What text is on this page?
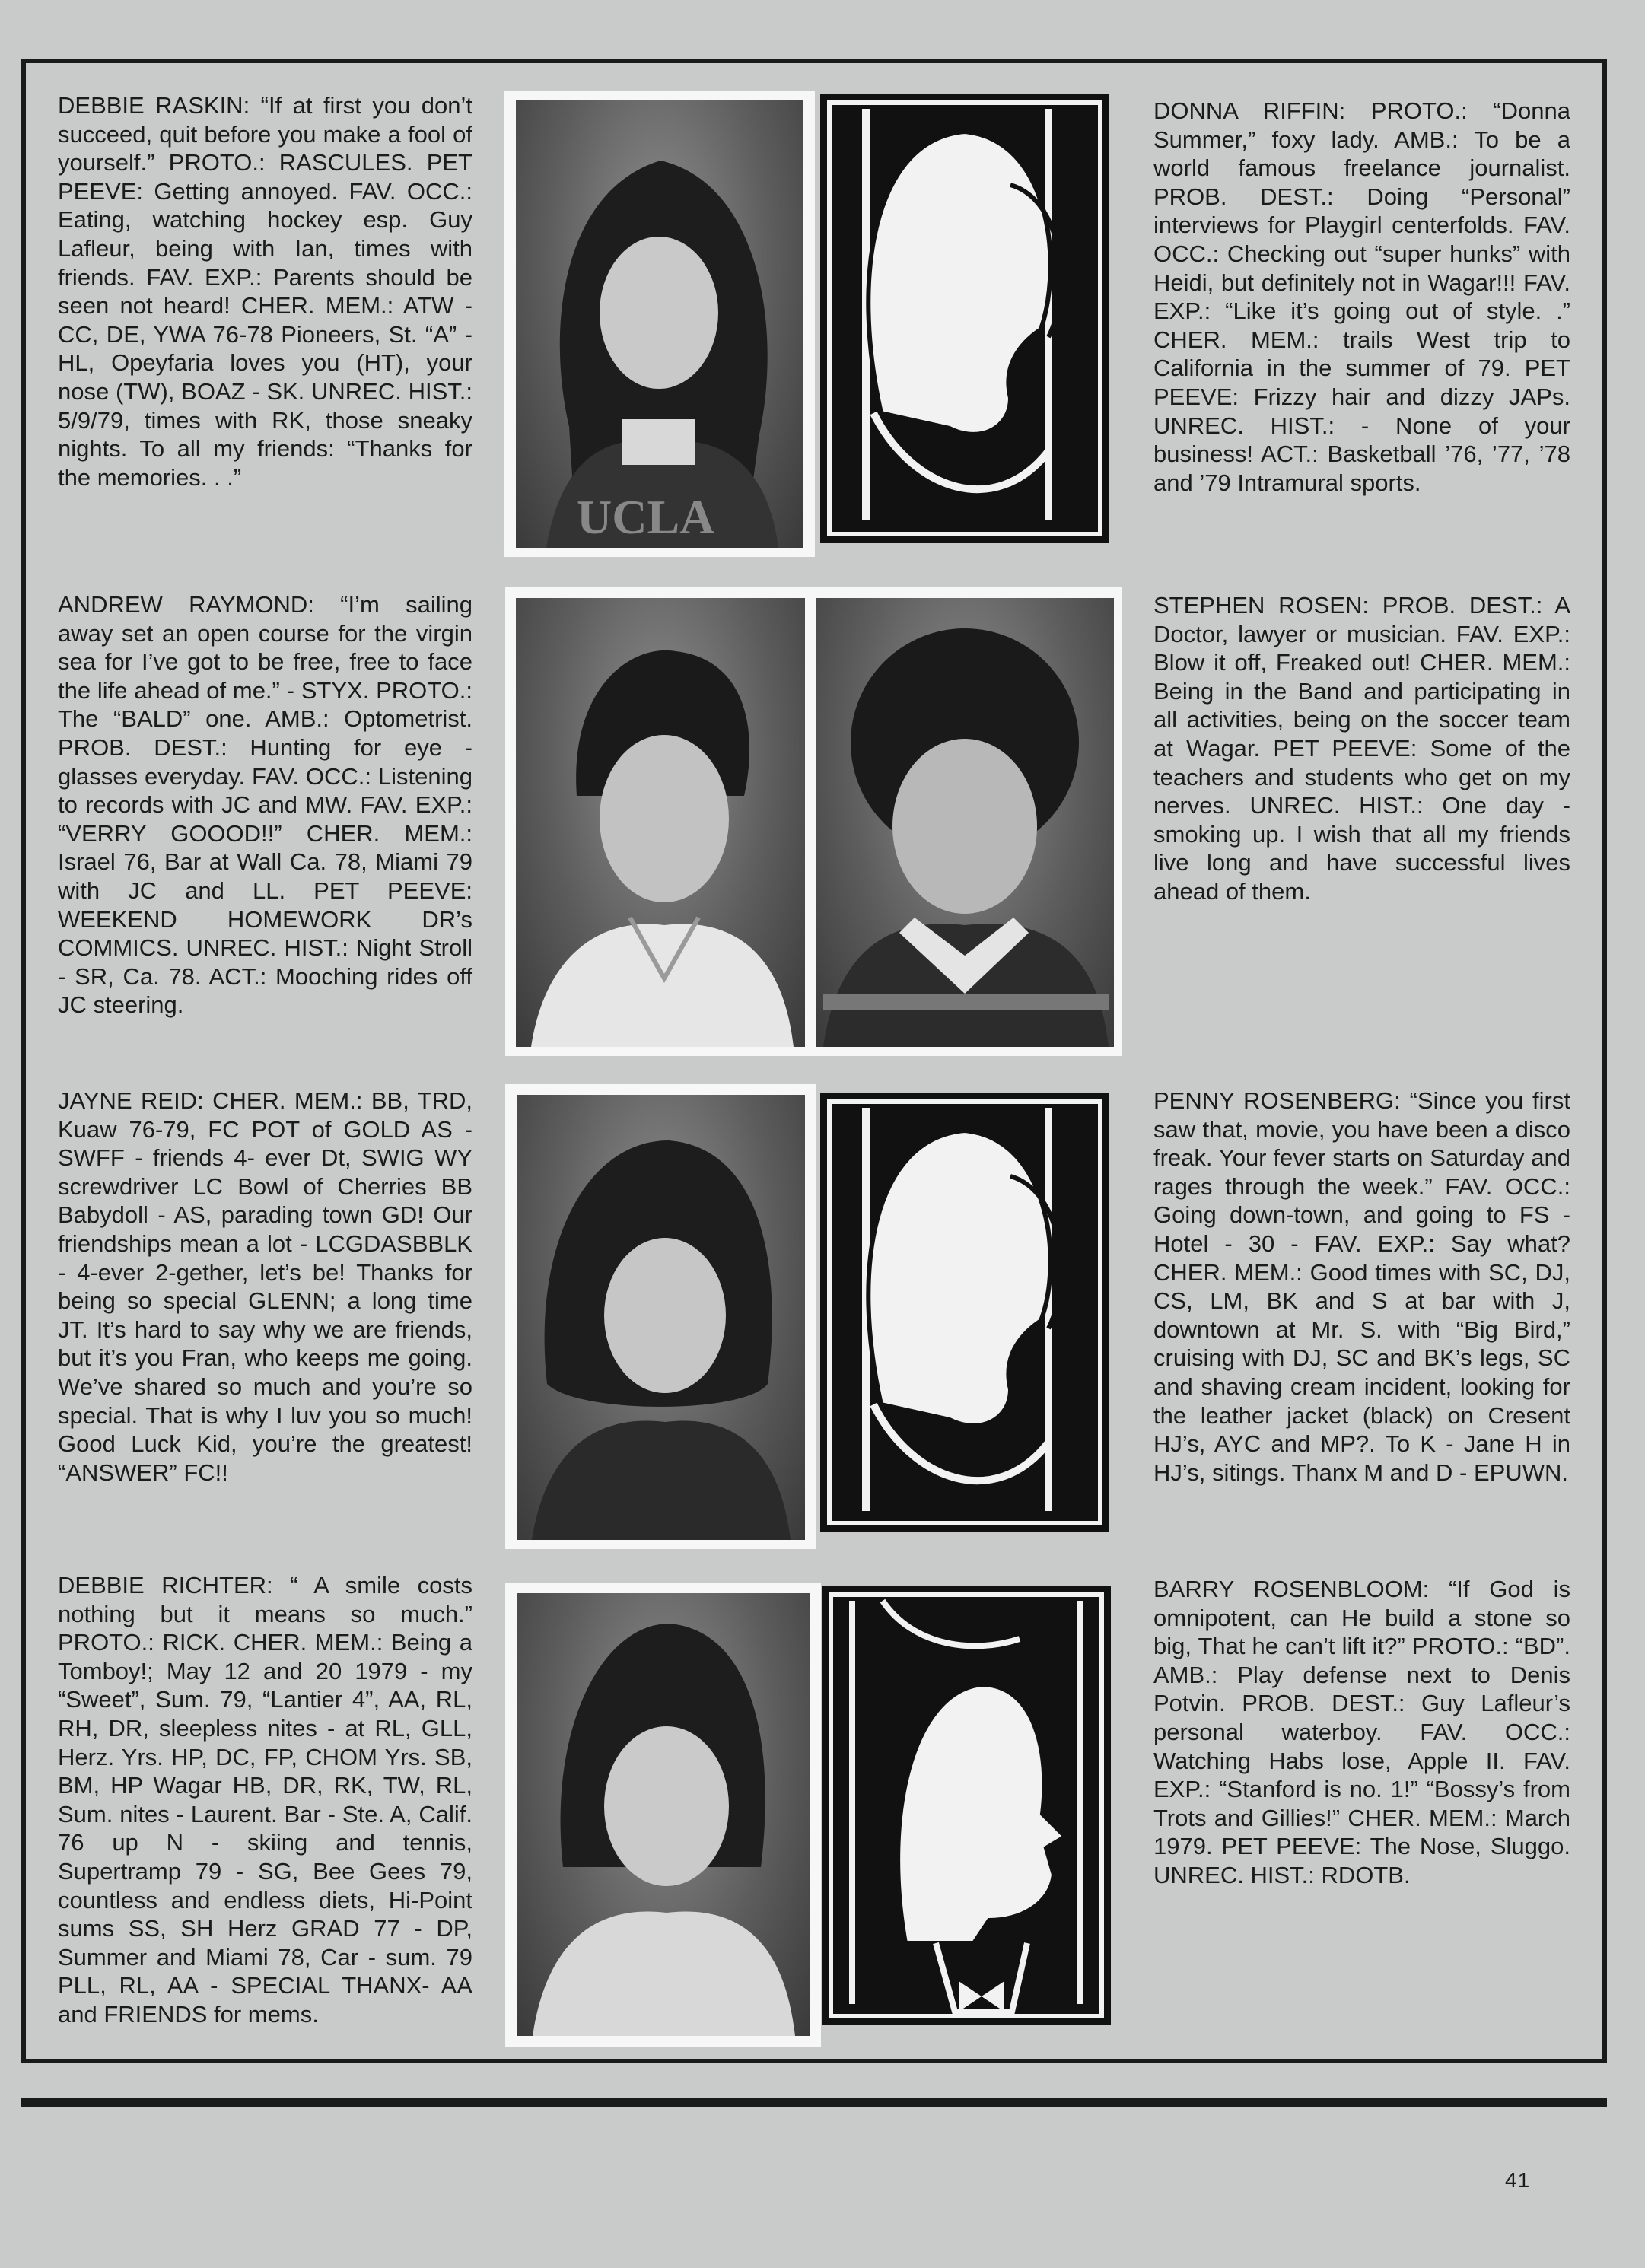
DEBBIE RASKIN: “If at first you don’t succeed, quit before you make a fool of yourself.” PROTO.: RASCULES. PET PEEVE: Getting annoyed. FAV. OCC.: Eating, watching hockey esp. Guy Lafleur, being with Ian, times with friends. FAV. EXP.: Parents should be seen not heard! CHER. MEM.: ATW - CC, DE, YWA 76-78 Pioneers, St. “A” - HL, Opeyfaria loves you (HT), your nose (TW), BOAZ - SK. UNREC. HIST.: 5/9/79, times with RK, those sneaky nights. To all my friends: “Thanks for the memories. . .”

UCLA

DONNA RIFFIN: PROTO.: “Donna Summer,” foxy lady. AMB.: To be a world famous freelance journalist. PROB. DEST.: Doing “Personal” interviews for Playgirl centerfolds. FAV. OCC.: Checking out “super hunks” with Heidi, but definitely not in Wagar!!! FAV. EXP.: “Like it’s going out of style. .” CHER. MEM.: trails West trip to California in the summer of 79. PET PEEVE: Frizzy hair and dizzy JAPs. UNREC. HIST.: - None of your business! ACT.: Basketball ’76, ’77, ’78 and ’79 Intramural sports.

ANDREW RAYMOND: “I’m sailing away set an open course for the virgin sea for I’ve got to be free, free to face the life ahead of me.” - STYX. PROTO.: The “BALD” one. AMB.: Optometrist. PROB. DEST.: Hunting for eye - glasses everyday. FAV. OCC.: Listening to records with JC and MW. FAV. EXP.: “VERRY GOOOD!!” CHER. MEM.: Israel 76, Bar at Wall Ca. 78, Miami 79 with JC and LL. PET PEEVE: WEEKEND HOMEWORK DR’s COMMICS. UNREC. HIST.: Night Stroll - SR, Ca. 78. ACT.: Mooching rides off JC steering.

STEPHEN ROSEN: PROB. DEST.: A Doctor, lawyer or musician. FAV. EXP.: Blow it off, Freaked out! CHER. MEM.: Being in the Band and participating in all activities, being on the soccer team at Wagar. PET PEEVE: Some of the teachers and students who get on my nerves. UNREC. HIST.: One day - smoking up. I wish that all my friends live long and have successful lives ahead of them.

JAYNE REID: CHER. MEM.: BB, TRD, Kuaw 76-79, FC POT of GOLD AS - SWFF - friends 4- ever Dt, SWIG WY screwdriver LC Bowl of Cherries BB Babydoll - AS, parading town GD! Our friendships mean a lot - LCGDASBBLK - 4-ever 2-gether, let’s be! Thanks for being so special GLENN; a long time JT. It’s hard to say why we are friends, but it’s you Fran, who keeps me going. We’ve shared so much and you’re so special. That is why I luv you so much! Good Luck Kid, you’re the greatest! “ANSWER” FC!!

PENNY ROSENBERG: “Since you first saw that, movie, you have been a disco freak. Your fever starts on Saturday and rages through the week.” FAV. OCC.: Going down-town, and going to FS - Hotel - 30 - FAV. EXP.: Say what? CHER. MEM.: Good times with SC, DJ, CS, LM, BK and S at bar with J, downtown at Mr. S. with “Big Bird,” cruising with DJ, SC and BK’s legs, SC and shaving cream incident, looking for the leather jacket (black) on Cresent HJ’s, AYC and MP?. To K - Jane H in HJ’s, sitings. Thanx M and D - EPUWN.

DEBBIE RICHTER: “ A smile costs nothing but it means so much.” PROTO.: RICK. CHER. MEM.: Being a Tomboy!; May 12 and 20 1979 - my “Sweet”, Sum. 79, “Lantier 4”, AA, RL, RH, DR, sleepless nites - at RL, GLL, Herz. Yrs. HP, DC, FP, CHOM Yrs. SB, BM, HP Wagar HB, DR, RK, TW, RL, Sum. nites - Laurent. Bar - Ste. A, Calif. 76 up N - skiing and tennis, Supertramp 79 - SG, Bee Gees 79, countless and endless diets, Hi-Point sums SS, SH Herz GRAD 77 - DP, Summer and Miami 78, Car - sum. 79 PLL, RL, AA - SPECIAL THANX- AA and FRIENDS for mems.

BARRY ROSENBLOOM: “If God is omnipotent, can He build a stone so big, That he can’t lift it?” PROTO.: “BD”. AMB.: Play defense next to Denis Potvin. PROB. DEST.: Guy Lafleur’s personal waterboy. FAV. OCC.: Watching Habs lose, Apple II. FAV. EXP.: “Stanford is no. 1!” “Bossy’s from Trots and Gillies!” CHER. MEM.: March 1979. PET PEEVE: The Nose, Sluggo. UNREC. HIST.: RDOTB.

41
